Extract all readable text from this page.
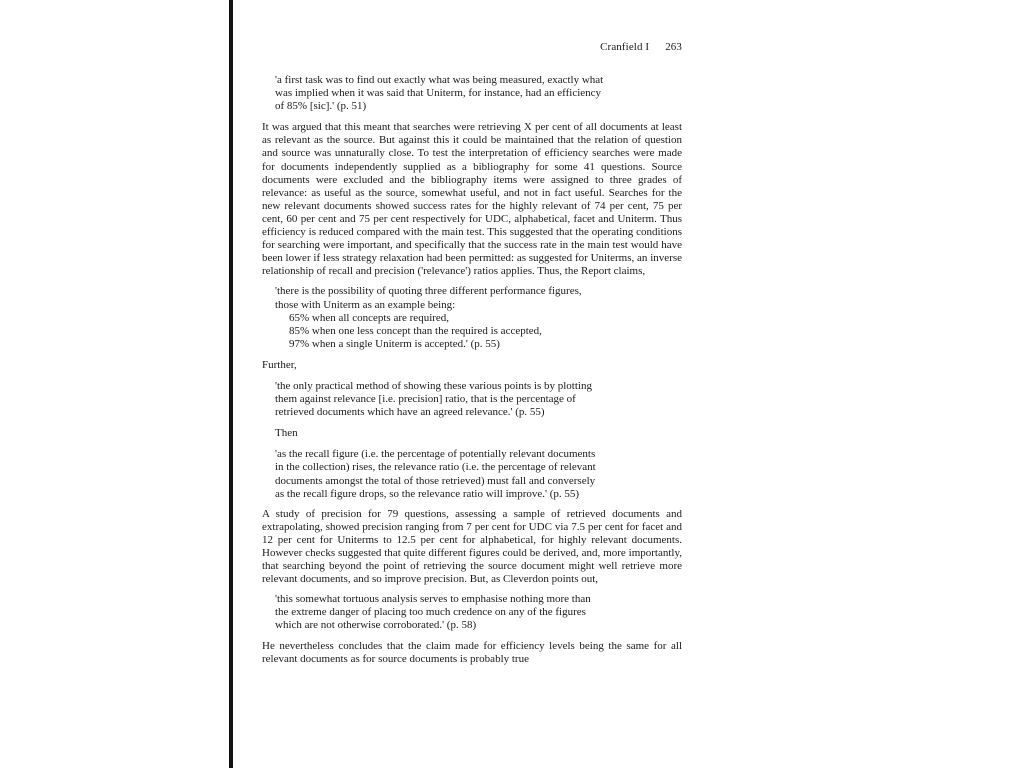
Cranfield I 263
'a first task was to find out exactly what was being measured, exactly what
was implied when it was said that Uniterm, for instance, had an efficiency
of 85% [sic].' (p. 51)

It was argued that this meant that searches were retrieving X per cent of all documents at least as relevant as the source. But against this it could be maintained that the relation of question and source was unnaturally close. To test the interpretation of efficiency searches were made for documents independently supplied as a bibliography for some 41 questions. Source documents were excluded and the bibliography items were assigned to three grades of relevance: as useful as the source, somewhat useful, and not in fact useful. Searches for the new relevant documents showed success rates for the highly relevant of 74 per cent, 75 per cent, 60 per cent and 75 per cent respectively for UDC, alphabetical, facet and Uniterm. Thus efficiency is reduced compared with the main test. This suggested that the operating conditions for searching were important, and specifically that the success rate in the main test would have been lower if less strategy relaxation had been permitted: as suggested for Uniterms, an inverse relationship of recall and precision ('relevance') ratios applies. Thus, the Report claims,

'there is the possibility of quoting three different performance figures,
those with Uniterm as an example being:
65% when all concepts are required,
85% when one less concept than the required is accepted,
97% when a single Uniterm is accepted.' (p. 55)
Further,
'the only practical method of showing these various points is by plotting
them against relevance [i.e. precision] ratio, that is the percentage of
retrieved documents which have an agreed relevance.' (p. 55)
Then
'as the recall figure (i.e. the percentage of potentially relevant documents
in the collection) rises, the relevance ratio (i.e. the percentage of relevant
documents amongst the total of those retrieved) must fall and conversely
as the recall figure drops, so the relevance ratio will improve.' (p. 55)

A study of precision for 79 questions, assessing a sample of retrieved documents and extrapolating, showed precision ranging from 7 per cent for UDC via 7.5 per cent for facet and 12 per cent for Uniterms to 12.5 per cent for alphabetical, for highly relevant documents. However checks suggested that quite different figures could be derived, and, more importantly, that searching beyond the point of retrieving the source document might well retrieve more relevant documents, and so improve precision. But, as Cleverdon points out,

'this somewhat tortuous analysis serves to emphasise nothing more than
the extreme danger of placing too much credence on any of the figures
which are not otherwise corroborated.' (p. 58)

He nevertheless concludes that the claim made for efficiency levels being the same for all relevant documents as for source documents is probably true
